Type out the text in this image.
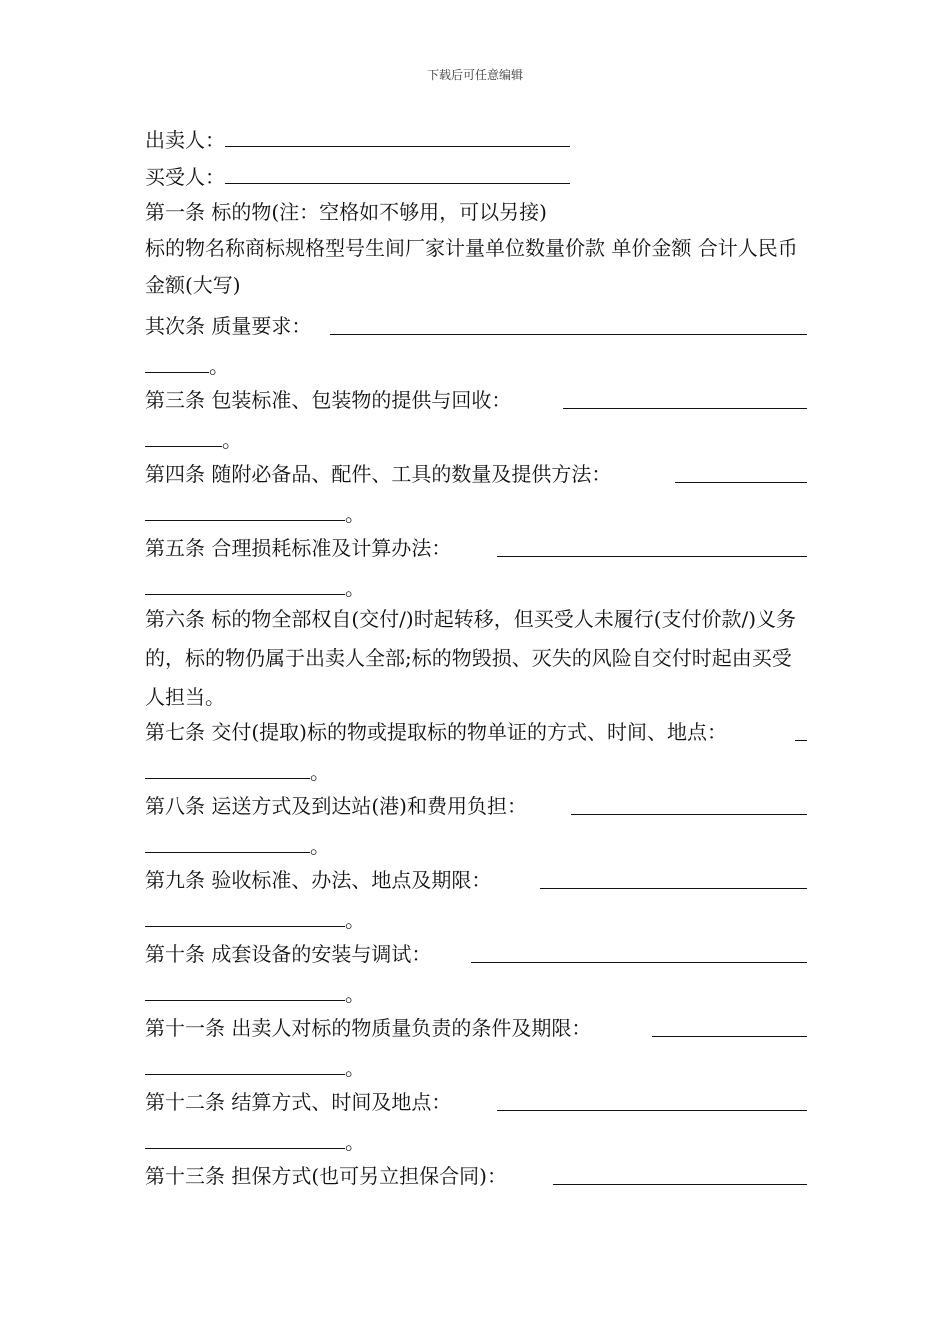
下载后可任意编辑
出卖人：
买受人：
第一条 标的物(注：空格如不够用，可以另接)
标的物名称商标规格型号生间厂家计量单位数量价款 单价金额 合计人民币金额(大写)
其次条 质量要求：
。
第三条 包装标准、包装物的提供与回收：
。
第四条 随附必备品、配件、工具的数量及提供方法：
。
第五条 合理损耗标准及计算办法：
。
第六条 标的物全部权自(交付/)时起转移，但买受人未履行(支付价款/)义务的，标的物仍属于出卖人全部;标的物毁损、灭失的风险自交付时起由买受人担当。
第七条 交付(提取)标的物或提取标的物单证的方式、时间、地点：
。
第八条 运送方式及到达站(港)和费用负担：
。
第九条 验收标准、办法、地点及期限：
。
第十条 成套设备的安装与调试：
。
第十一条 出卖人对标的物质量负责的条件及期限：
。
第十二条 结算方式、时间及地点：
。
第十三条 担保方式(也可另立担保合同)：
